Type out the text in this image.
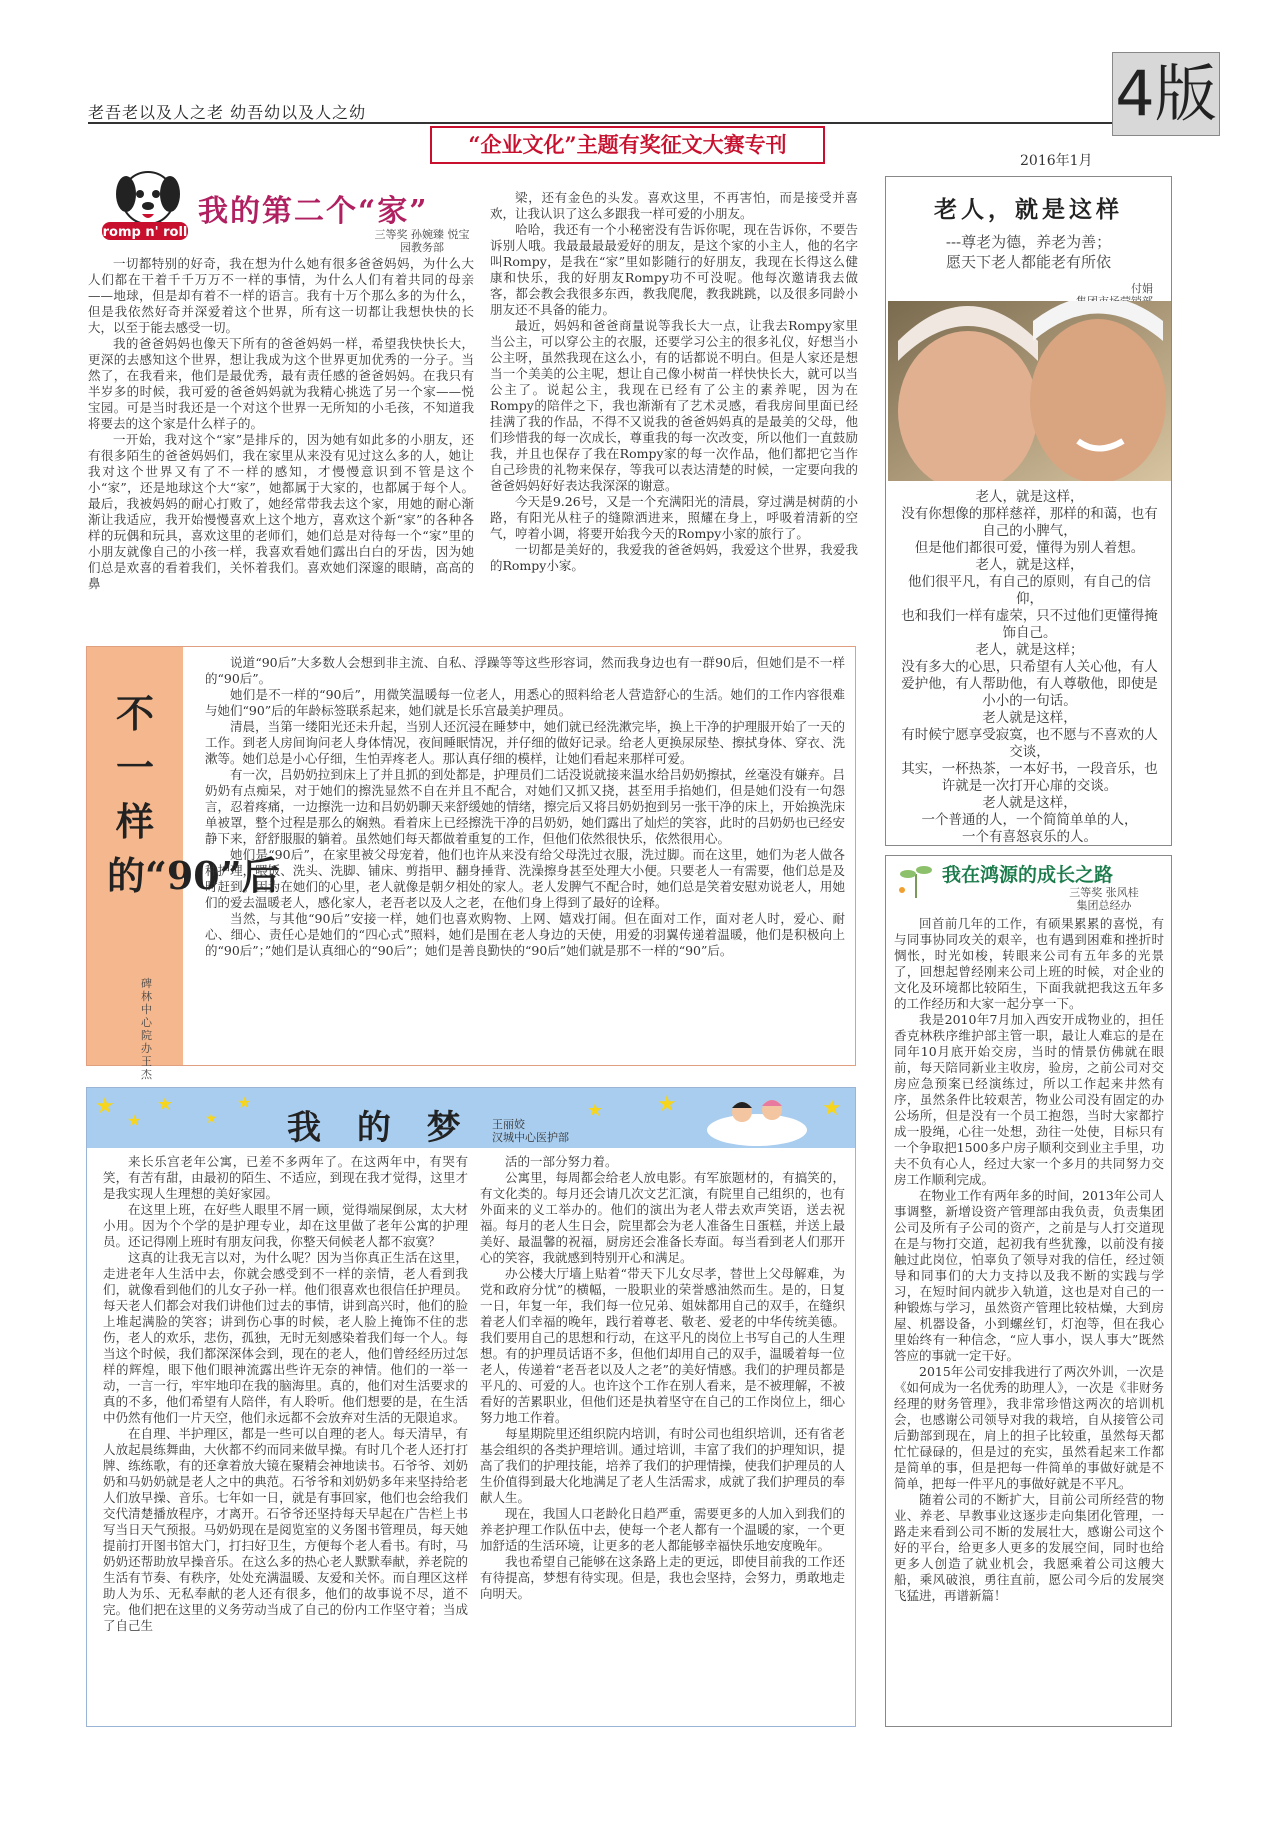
老吾老以及人之老 幼吾幼以及人之幼
“企业文化”主题有奖征文大赛专刊
4版
2016年1月
romp n' roll
我的第二个“家”
三等奖 孙婉臻 悦宝园教务部

一切都特别的好奇，我在想为什么她有很多爸爸妈妈，为什么大人们都在干着千千万万不一样的事情，为什么人们有着共同的母亲——地球，但是却有着不一样的语言。我有十万个那么多的为什么，但是我依然好奇并深爱着这个世界，所有这一切都让我想快快的长大，以至于能去感受一切。

我的爸爸妈妈也像天下所有的爸爸妈妈一样，希望我快快长大，更深的去感知这个世界，想让我成为这个世界更加优秀的一分子。当然了，在我看来，他们是最优秀，最有责任感的爸爸妈妈。在我只有半岁多的时候，我可爱的爸爸妈妈就为我精心挑选了另一个家——悦宝园。可是当时我还是一个对这个世界一无所知的小毛孩，不知道我将要去的这个家是什么样子的。

一开始，我对这个“家”是排斥的，因为她有如此多的小朋友，还有很多陌生的爸爸妈妈们，我在家里从来没有见过这么多的人，她让我对这个世界又有了不一样的感知，才慢慢意识到不管是这个小“家”，还是地球这个大“家”，她都属于大家的，也都属于每个人。最后，我被妈妈的耐心打败了，她经常带我去这个家，用她的耐心渐渐让我适应，我开始慢慢喜欢上这个地方，喜欢这个新“家”的各种各样的玩偶和玩具，喜欢这里的老师们，她们总是对待每一个“家”里的小朋友就像自己的小孩一样，我喜欢看她们露出白白的牙齿，因为她们总是欢喜的看着我们，关怀着我们。喜欢她们深邃的眼睛，高高的鼻

梁，还有金色的头发。喜欢这里，不再害怕，而是接受并喜欢，让我认识了这么多跟我一样可爱的小朋友。

哈哈，我还有一个小秘密没有告诉你呢，现在告诉你，不要告诉别人哦。我最最最最爱好的朋友，是这个家的小主人，他的名字叫Rompy，是我在“家”里如影随行的好朋友，我现在长得这么健康和快乐，我的好朋友Rompy功不可没呢。他每次邀请我去做客，都会教会我很多东西，教我爬爬，教我跳跳，以及很多同龄小朋友还不具备的能力。

最近，妈妈和爸爸商量说等我长大一点，让我去Rompy家里当公主，可以穿公主的衣服，还要学习公主的很多礼仪，好想当小公主呀，虽然我现在这么小，有的话都说不明白。但是人家还是想当一个美美的公主呢，想让自己像小树苗一样快快长大，就可以当公主了。说起公主，我现在已经有了公主的素养呢，因为在Rompy的陪伴之下，我也渐渐有了艺术灵感，看我房间里面已经挂满了我的作品，不得不又说我的爸爸妈妈真的是最美的父母，他们珍惜我的每一次成长，尊重我的每一次改变，所以他们一直鼓励我，并且也保存了我在Rompy家的每一次作品，他们都把它当作自己珍贵的礼物来保存，等我可以表达清楚的时候，一定要向我的爸爸妈妈好好表达我深深的谢意。

今天是9.26号，又是一个充满阳光的清晨，穿过满是树荫的小路，有阳光从柱子的缝隙洒进来，照耀在身上，呼吸着清新的空气，哼着小调，将要开始我今天的Rompy小家的旅行了。

一切都是美好的，我爱我的爸爸妈妈，我爱这个世界，我爱我的Rompy小家。

老人，就是这样
---尊老为德，养老为善；
愿天下老人都能老有所依
付娟
老人，就是这样，
没有你想像的那样慈祥，那样的和蔼，也有自己的小脾气，
但是他们都很可爱，懂得为别人着想。
老人，就是这样，
他们很平凡，有自己的原则，有自己的信仰，
也和我们一样有虚荣，只不过他们更懂得掩饰自己。
老人，就是这样；
没有多大的心思，只希望有人关心他，有人爱护他，有人帮助他，有人尊敬他，即使是小小的一句话。
老人就是这样，
有时候宁愿享受寂寞，也不愿与不喜欢的人交谈，
其实，一杯热茶，一本好书，一段音乐，也许就是一次打开心扉的交谈。
老人就是这样，
一个普通的人，一个简简单单的人，
一个有喜怒哀乐的人。
不一样的“90”后
碑林中心院办 王杰

说道“90后”大多数人会想到非主流、自私、浮躁等等这些形容词，然而我身边也有一群90后，但她们是不一样的“90后”。

她们是不一样的“90后”，用微笑温暖每一位老人，用悉心的照料给老人营造舒心的生活。她们的工作内容很难与她们“90”后的年龄标签联系起来，她们就是长乐宫最美护理员。

清晨，当第一缕阳光还未升起，当别人还沉浸在睡梦中，她们就已经洗漱完毕，换上干净的护理服开始了一天的工作。到老人房间询问老人身体情况，夜间睡眠情况，并仔细的做好记录。给老人更换尿尿垫、擦拭身体、穿衣、洗漱等。她们总是小心仔细，生怕弄疼老人。那认真仔细的模样，让她们看起来那样可爱。

有一次，吕奶奶拉到床上了并且抓的到处都是，护理员们二话没说就接来温水给吕奶奶擦拭，丝毫没有嫌弃。吕奶奶有点痴呆，对于她们的擦洗显然不自在并且不配合，对她们又抓又挠，甚至用手掐她们，但是她们没有一句怨言，忍着疼痛，一边擦洗一边和吕奶奶聊天来舒缓她的情绪，擦完后又将吕奶奶抱到另一张干净的床上，开始换洗床单被罩，整个过程是那么的娴熟。看着床上已经擦洗干净的吕奶奶，她们露出了灿烂的笑容，此时的吕奶奶也已经安静下来，舒舒服服的躺着。虽然她们每天都做着重复的工作，但他们依然很快乐，依然很用心。

她们是“90后”，在家里被父母宠着，他们也许从来没有给父母洗过衣服，洗过脚。而在这里，她们为老人做各种护理，喂饭、洗头、洗脚、铺床、剪指甲、翻身捶背、洗澡擦身甚至处理大小便。只要老人一有需要，他们总是及时赶到。因为在她们的心里，老人就像是朝夕相处的家人。老人发脾气不配合时，她们总是笑着安慰劝说老人，用她们的爱去温暖老人，感化家人，老吾老以及人之老，在他们身上得到了最好的诠释。

当然，与其他“90后”安接一样，她们也喜欢购物、上网、嬉戏打闹。但在面对工作，面对老人时，爱心、耐心、细心、责任心是她们的“四心式”照料，她们是围在老人身边的天使，用爱的羽翼传递着温暖，他们是积极向上的“90后”；”她们是认真细心的“90后”；她们是善良勤快的“90后”她们就是那不一样的“90”后。

★
★
★
★
★	★ ★	★
我 的 梦 王丽姣
汉城中心医护部

来长乐宫老年公寓，已差不多两年了。在这两年中，有哭有笑，有苦有甜，由最初的陌生、不适应，到现在我才觉得，这里才是我实现人生理想的美好家园。

在这里上班，在好些人眼里不屑一顾，觉得端屎倒尿，太大材小用。因为个个学的是护理专业，却在这里做了老年公寓的护理员。还记得刚上班时有朋友问我，你整天伺候老人都不寂寞？

这真的让我无言以对，为什么呢？因为当你真正生活在这里，走进老年人生活中去，你就会感受到不一样的亲情，老人看到我们，就像看到他们的儿女子孙一样。他们很喜欢也很信任护理员。每天老人们都会对我们讲他们过去的事情，讲到高兴时，他们的脸上堆起满脸的笑容；讲到伤心事的时候，老人脸上掩饰不住的悲伤，老人的欢乐，悲伤，孤独，无时无刻感染着我们每一个人。每当这个时候，我们都深深体会到，现在的老人，他们曾经经历过怎样的辉煌，眼下他们眼神流露出些许无奈的神情。他们的一举一动，一言一行，牢牢地印在我的脑海里。真的，他们对生活要求的真的不多，他们希望有人陪伴，有人聆听。他们想要的是，在生活中仍然有他们一片天空，他们永远都不会放弃对生活的无限追求。

在自理、半护理区，都是一些可以自理的老人。每天清早，有人放起晨练舞曲，大伙都不约而同来做早操。有时几个老人还打打牌、练练歌，有的还拿着放大镜在聚精会神地读书。石爷爷、刘奶奶和马奶奶就是老人之中的典范。石爷爷和刘奶奶多年来坚持给老人们放早操、音乐。七年如一日，就是有事回家，他们也会给我们交代清楚播放程序，才离开。石爷爷还坚持每天早起在广告栏上书写当日天气预报。马奶奶现在是阅览室的义务图书管理员，每天她提前打开图书馆大门，打扫好卫生，方便每个老人看书。有时，马奶奶还帮助放早操音乐。在这么多的热心老人默默奉献，养老院的生活有节奏、有秩序，处处充满温暖、友爱和关怀。而自理区这样助人为乐、无私奉献的老人还有很多，他们的故事说不尽，道不完。他们把在这里的义务劳动当成了自己的份内工作坚守着；当成了自己生

活的一部分努力着。

公寓里，每周都会给老人放电影。有军旅题材的，有搞笑的，有文化类的。每月还会请几次文艺汇演，有院里自己组织的，也有外面来的义工举办的。他们的演出为老人带去欢声笑语，送去祝福。每月的老人生日会，院里都会为老人准备生日蛋糕，并送上最美好、最温馨的祝福，厨房还会准备长寿面。每当看到老人们那开心的笑容，我就感到特别开心和满足。

办公楼大厅墙上贴着“带天下儿女尽孝，替世上父母解难，为党和政府分忧”的横幅，一股职业的荣誉感油然而生。是的，日复一日，年复一年，我们每一位兄弟、姐妹都用自己的双手，在缝织着老人们幸福的晚年，践行着尊老、敬老、爱老的中华传统美德。我们要用自己的思想和行动，在这平凡的岗位上书写自己的人生理想。有的护理员话语不多，但他们却用自己的双手，温暖着每一位老人，传递着“老吾老以及人之老”的美好情感。我们的护理员都是平凡的、可爱的人。也许这个工作在别人看来，是不被理解，不被看好的苦累职业，但他们还是执着坚守在自己的工作岗位上，细心努力地工作着。

每星期院里还组织院内培训，有时公司也组织培训，还有省老基会组织的各类护理培训。通过培训，丰富了我们的护理知识，提高了我们的护理技能，培养了我们的护理情操，使我们护理员的人生价值得到最大化地满足了老人生活需求，成就了我们护理员的奉献人生。

现在，我国人口老龄化日趋严重，需要更多的人加入到我们的养老护理工作队伍中去，使每一个老人都有一个温暖的家，一个更加舒适的生活环境，让更多的老人都能够幸福快乐地安度晚年。

我也希望自己能够在这条路上走的更远，即使目前我的工作还有待提高，梦想有待实现。但是，我也会坚持，会努力，勇敢地走向明天。

我在鸿源的成长之路
三等奖 张风桂
集团总经办

回首前几年的工作，有硕果累累的喜悦，有与同事协同攻关的艰辛，也有遇到困难和挫折时惆怅，时光如梭，转眼来公司有五年多的光景了，回想起曾经刚来公司上班的时候，对企业的文化及环境都比较陌生，下面我就把我这五年多的工作经历和大家一起分享一下。

我是2010年7月加入西安开成物业的，担任香克林秩序维护部主管一职，最让人难忘的是在同年10月底开始交房，当时的情景仿佛就在眼前，每天陪同新业主收房，验房，之前公司对交房应急预案已经演练过，所以工作起来井然有序，虽然条件比较艰苦，物业公司没有固定的办公场所，但是没有一个员工抱怨，当时大家都拧成一股绳，心往一处想，劲往一处使，目标只有一个争取把1500多户房子顺利交到业主手里，功夫不负有心人，经过大家一个多月的共同努力交房工作顺利完成。

在物业工作有两年多的时间，2013年公司人事调整，新增设资产管理部由我负责，负责集团公司及所有子公司的资产，之前是与人打交道现在是与物打交道，起初我有些犹豫，以前没有接触过此岗位，怕辜负了领导对我的信任，经过领导和同事们的大力支持以及我不断的实践与学习，在短时间内就步入轨道，这也是对自己的一种锻炼与学习，虽然资产管理比较枯燥，大到房屋、机器设备，小到螺丝钉，灯泡等，但在我心里始终有一种信念，“应人事小，误人事大”既然答应的事就一定干好。

2015年公司安排我进行了两次外训，一次是《如何成为一名优秀的助理人》，一次是《非财务经理的财务管理》，我非常珍惜这两次的培训机会，也感谢公司领导对我的栽培，自从接管公司后勤部到现在，肩上的担子比较重，虽然每天都忙忙碌碌的，但是过的充实，虽然看起来工作都是简单的事，但是把每一件简单的事做好就是不简单，把每一件平凡的事做好就是不平凡。

随着公司的不断扩大，目前公司所经营的物业、养老、早教事业这逐步走向集团化管理，一路走来看到公司不断的发展壮大，感谢公司这个好的平台，给更多人更多的发展空间，同时也给更多人创造了就业机会，我愿乘着公司这艘大船，乘风破浪，勇往直前，愿公司今后的发展突飞猛进，再谱新篇！
